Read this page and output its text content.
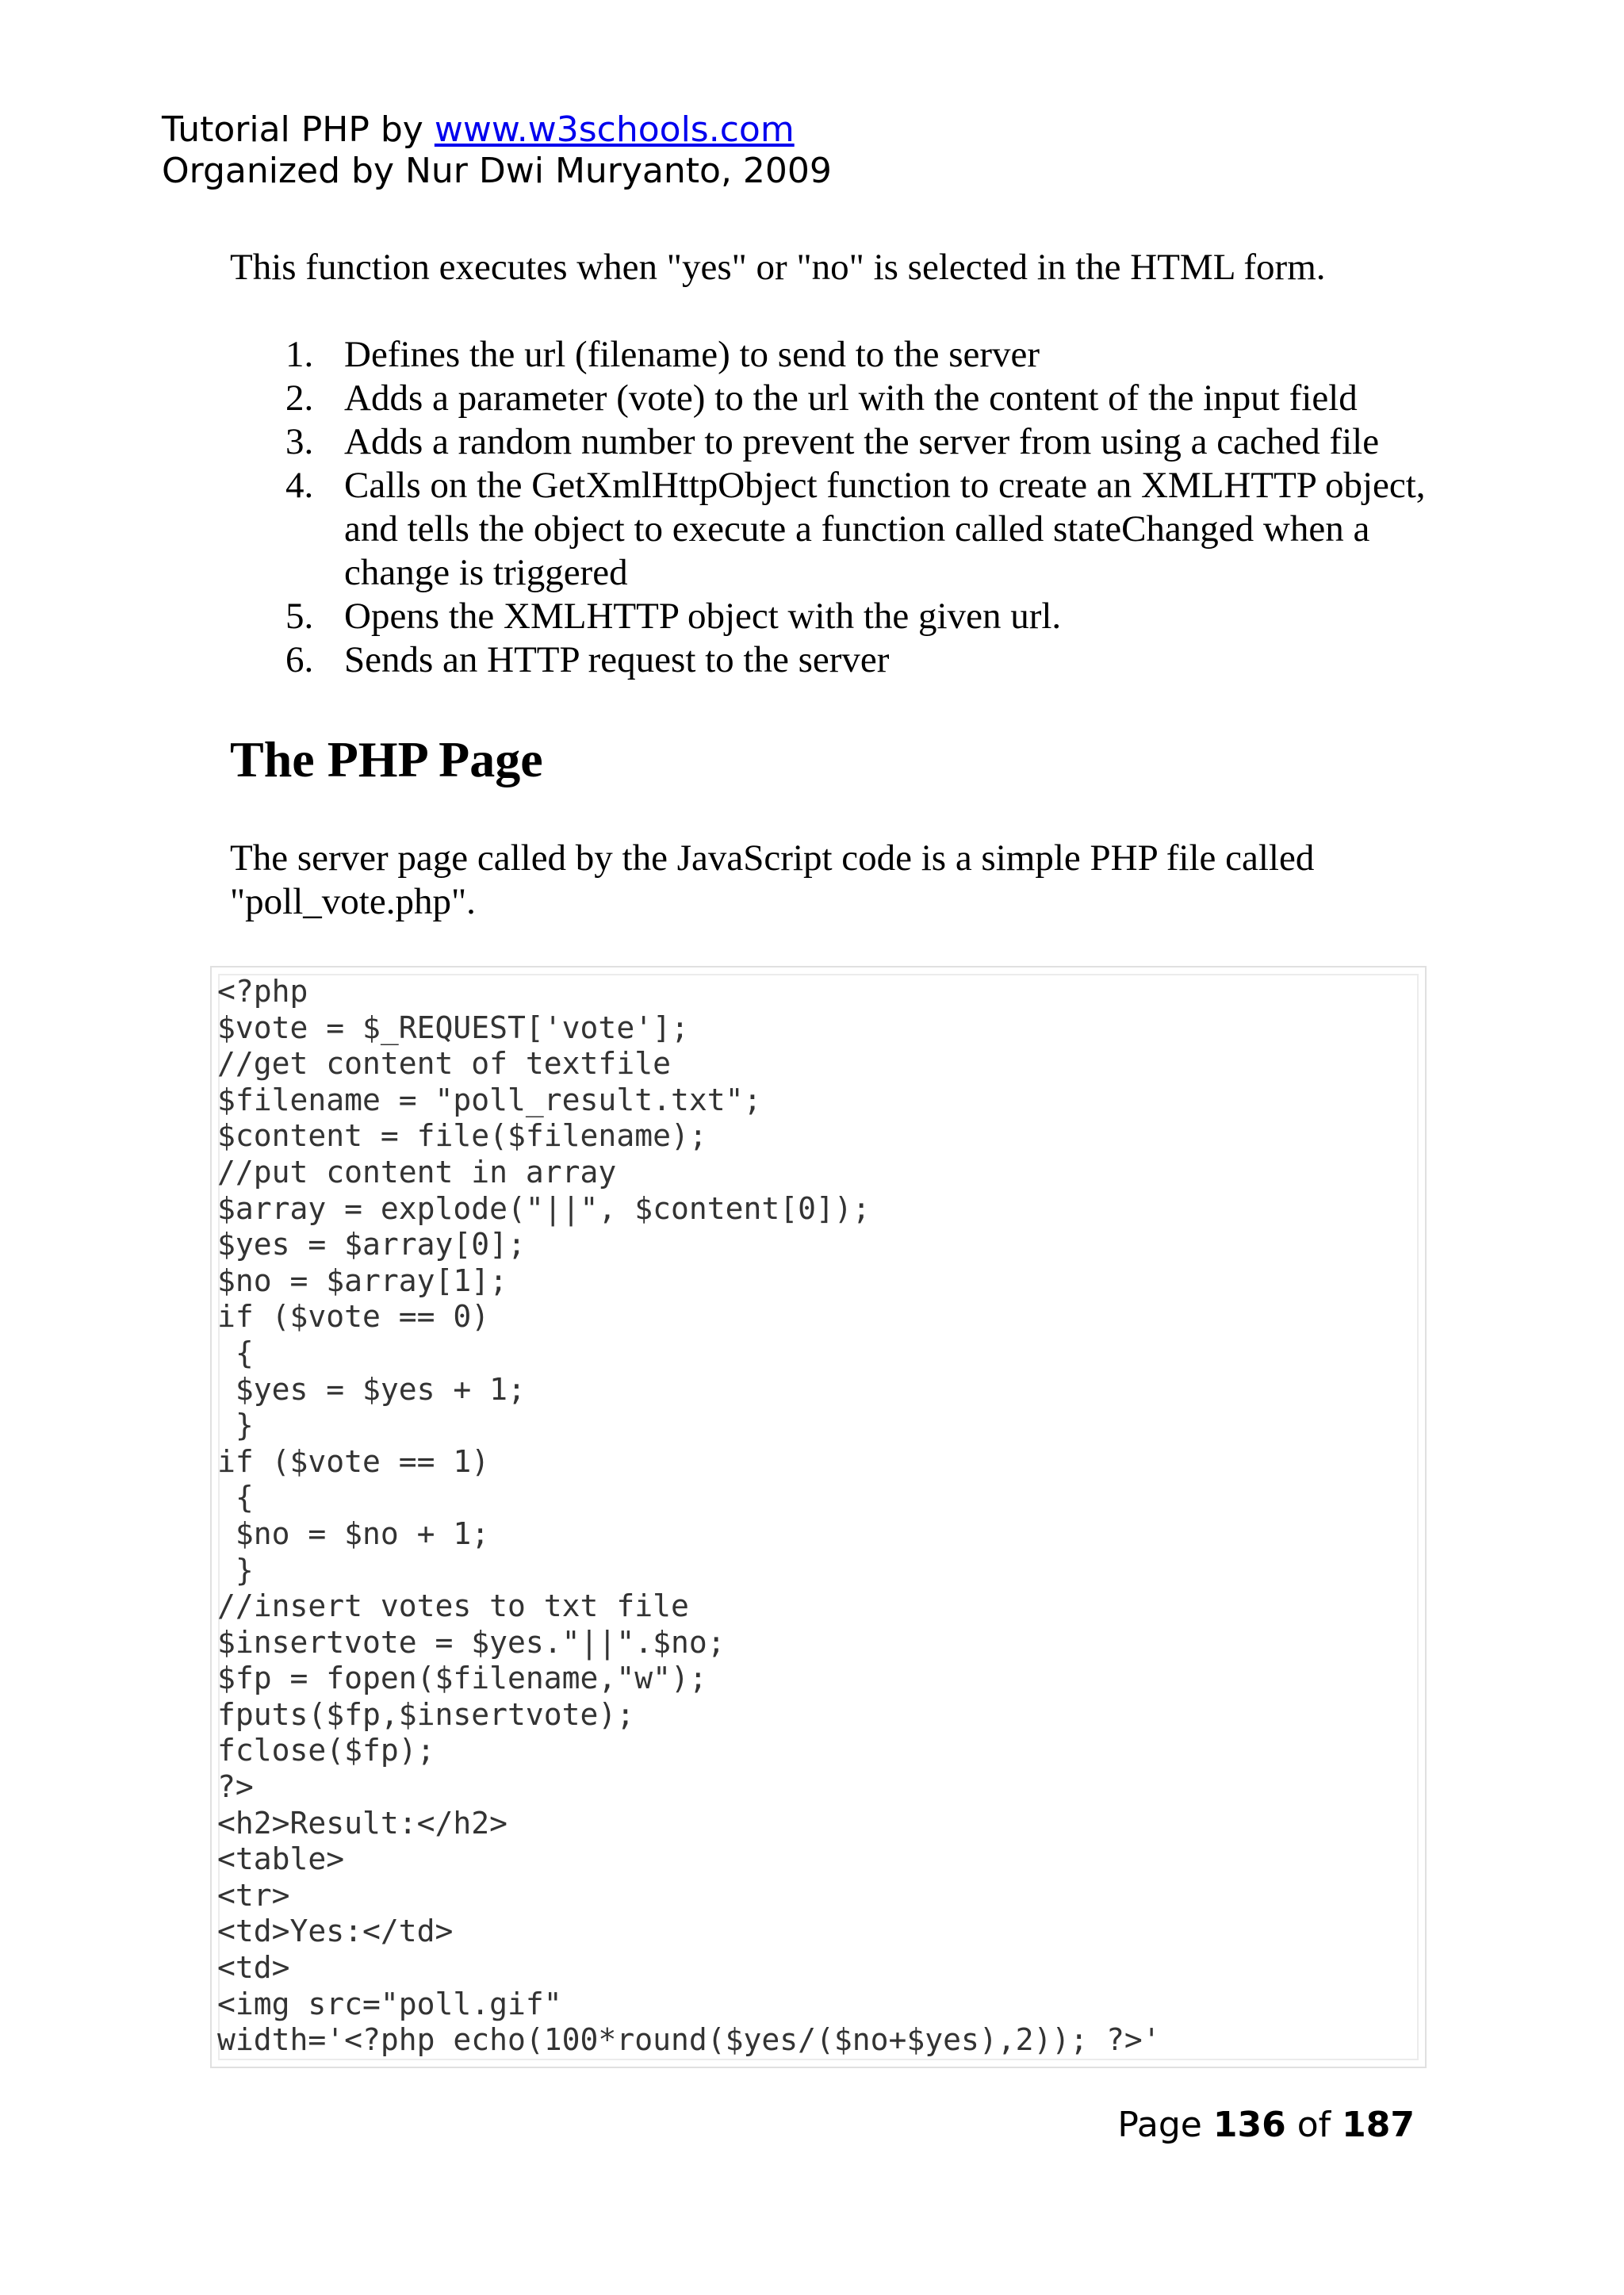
Tutorial PHP by www.w3schools.com
Organized by Nur Dwi Muryanto, 2009
This function executes when "yes" or "no" is selected in the HTML form.
1. Defines the url (filename) to send to the server
2. Adds a parameter (vote) to the url with the content of the input field
3. Adds a random number to prevent the server from using a cached file
4. Calls on the GetXmlHttpObject function to create an XMLHTTP object, and tells the object to execute a function called stateChanged when a change is triggered
5. Opens the XMLHTTP object with the given url.
6. Sends an HTTP request to the server
The PHP Page
The server page called by the JavaScript code is a simple PHP file called "poll_vote.php".
<?php
$vote = $_REQUEST['vote'];
//get content of textfile
$filename = "poll_result.txt";
$content = file($filename);
//put content in array
$array = explode("||", $content[0]);
$yes = $array[0];
$no = $array[1];
if ($vote == 0)
{
$yes = $yes + 1;
}
if ($vote == 1)
{
$no = $no + 1;
}
//insert votes to txt file
$insertvote = $yes."||".$no;
$fp = fopen($filename,"w");
fputs($fp,$insertvote);
fclose($fp);
?>
<h2>Result:</h2>
<table>
<tr>
<td>Yes:</td>
<td>
<img src="poll.gif"
width='<?php echo(100*round($yes/($no+$yes),2)); ?>'
Page 136 of 187
